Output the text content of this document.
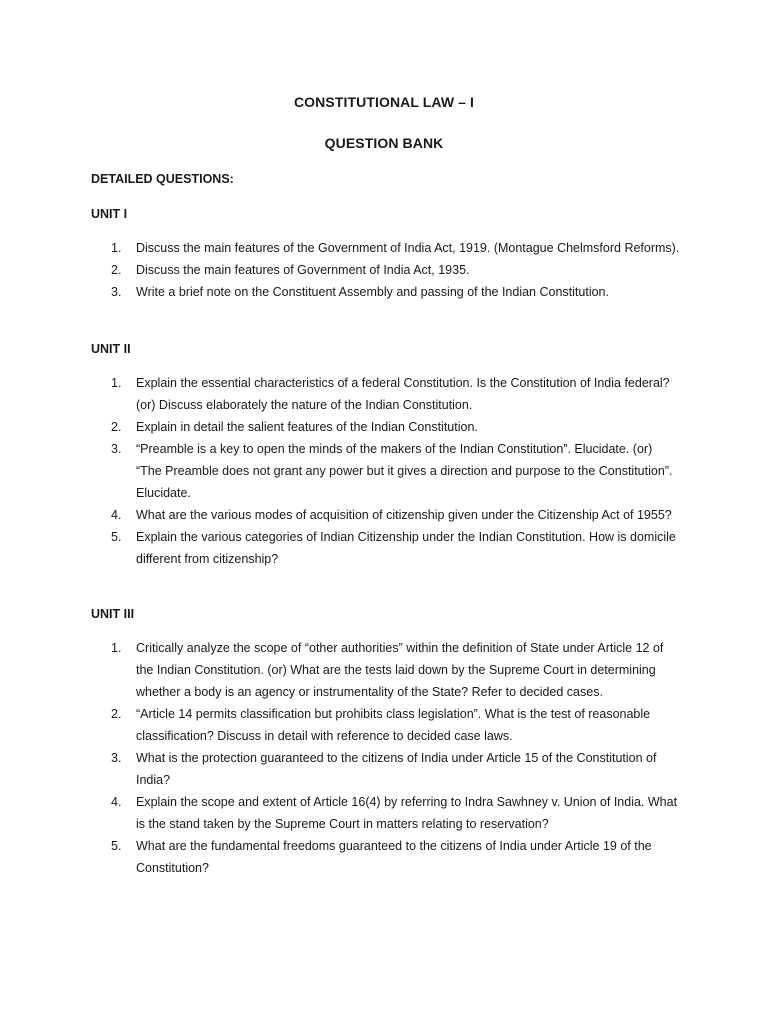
CONSTITUTIONAL LAW – I
QUESTION BANK
DETAILED QUESTIONS:
UNIT I
1. Discuss the main features of the Government of India Act, 1919. (Montague Chelmsford Reforms).
2. Discuss the main features of Government of India Act, 1935.
3. Write a brief note on the Constituent Assembly and passing of the Indian Constitution.
UNIT II
1. Explain the essential characteristics of a federal Constitution. Is the Constitution of India federal? (or) Discuss elaborately the nature of the Indian Constitution.
2. Explain in detail the salient features of the Indian Constitution.
3. “Preamble is a key to open the minds of the makers of the Indian Constitution”. Elucidate. (or) “The Preamble does not grant any power but it gives a direction and purpose to the Constitution”. Elucidate.
4. What are the various modes of acquisition of citizenship given under the Citizenship Act of 1955?
5. Explain the various categories of Indian Citizenship under the Indian Constitution. How is domicile different from citizenship?
UNIT III
1. Critically analyze the scope of “other authorities” within the definition of State under Article 12 of the Indian Constitution. (or) What are the tests laid down by the Supreme Court in determining whether a body is an agency or instrumentality of the State? Refer to decided cases.
2. “Article 14 permits classification but prohibits class legislation”. What is the test of reasonable classification? Discuss in detail with reference to decided case laws.
3. What is the protection guaranteed to the citizens of India under Article 15 of the Constitution of India?
4. Explain the scope and extent of Article 16(4) by referring to Indra Sawhney v. Union of India. What is the stand taken by the Supreme Court in matters relating to reservation?
5. What are the fundamental freedoms guaranteed to the citizens of India under Article 19 of the Constitution?
